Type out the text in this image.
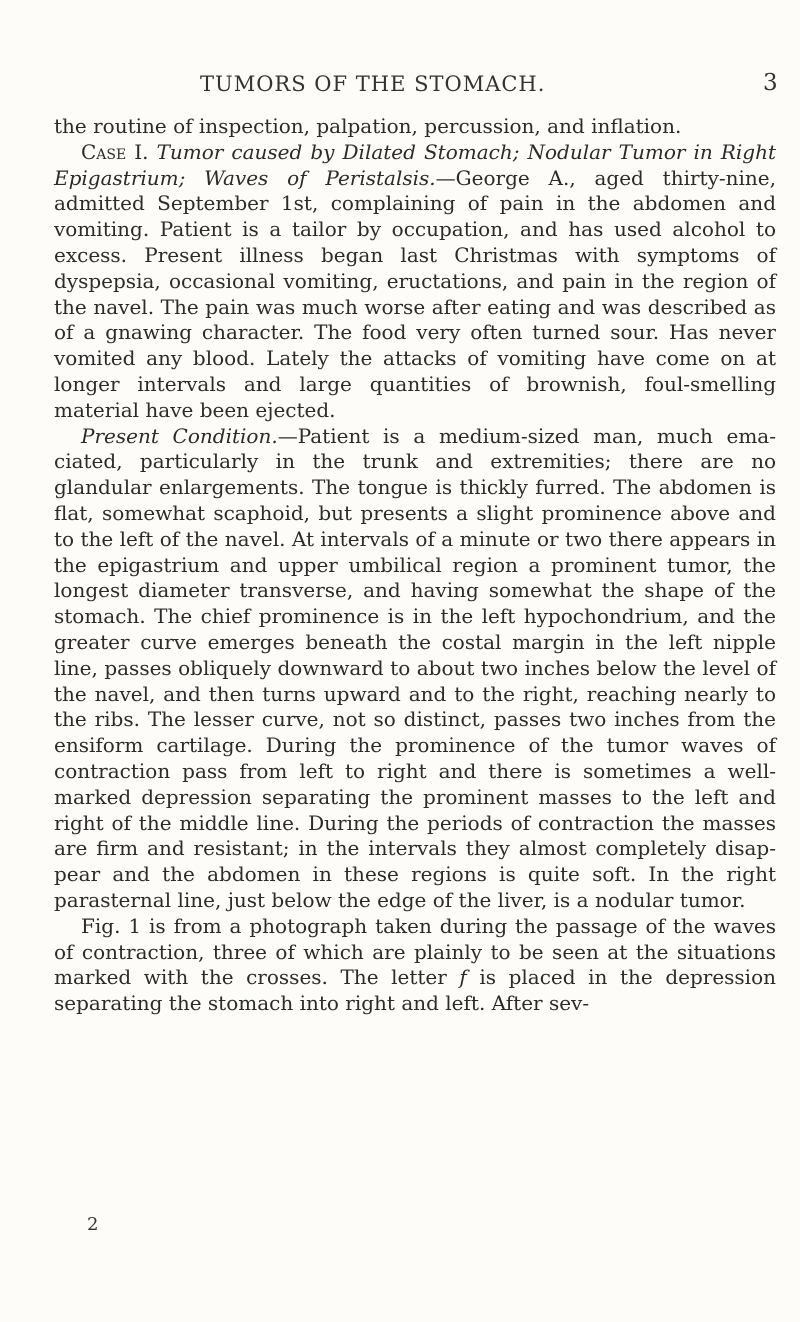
TUMORS OF THE STOMACH.	3

the routine of inspection, palpation, percussion, and inflation.

Case I. Tumor caused by Dilated Stomach; Nodular Tumor in Right Epigastrium; Waves of Peristalsis.—George A., aged thirty-nine, admitted September 1st, complaining of pain in the abdomen and vomiting. Patient is a tailor by occupation, and has used alcohol to excess. Present illness began last Christmas with symptoms of dyspepsia, occasional vomiting, eructations, and pain in the region of the navel. The pain was much worse after eating and was described as of a gnawing character. The food very often turned sour. Has never vomited any blood. Lately the attacks of vomiting have come on at longer intervals and large quantities of brownish, foul-smelling material have been ejected.

Present Condition.—Patient is a medium-sized man, much emaciated, particularly in the trunk and extremities; there are no glandular enlargements. The tongue is thickly furred. The abdomen is flat, somewhat scaphoid, but presents a slight prominence above and to the left of the navel. At intervals of a minute or two there appears in the epigastrium and upper umbilical region a prominent tumor, the longest diameter transverse, and having somewhat the shape of the stomach. The chief prominence is in the left hypochondrium, and the greater curve emerges beneath the costal margin in the left nipple line, passes obliquely downward to about two inches below the level of the navel, and then turns upward and to the right, reaching nearly to the ribs. The lesser curve, not so distinct, passes two inches from the ensiform cartilage. During the prominence of the tumor waves of contraction pass from left to right and there is sometimes a well-marked depression separating the prominent masses to the left and right of the middle line. During the periods of contraction the masses are firm and resistant; in the intervals they almost completely disappear and the abdomen in these regions is quite soft. In the right parasternal line, just below the edge of the liver, is a nodular tumor.

Fig. 1 is from a photograph taken during the passage of the waves of contraction, three of which are plainly to be seen at the situations marked with the crosses. The letter f is placed in the depression separating the stomach into right and left. After sev-

2
